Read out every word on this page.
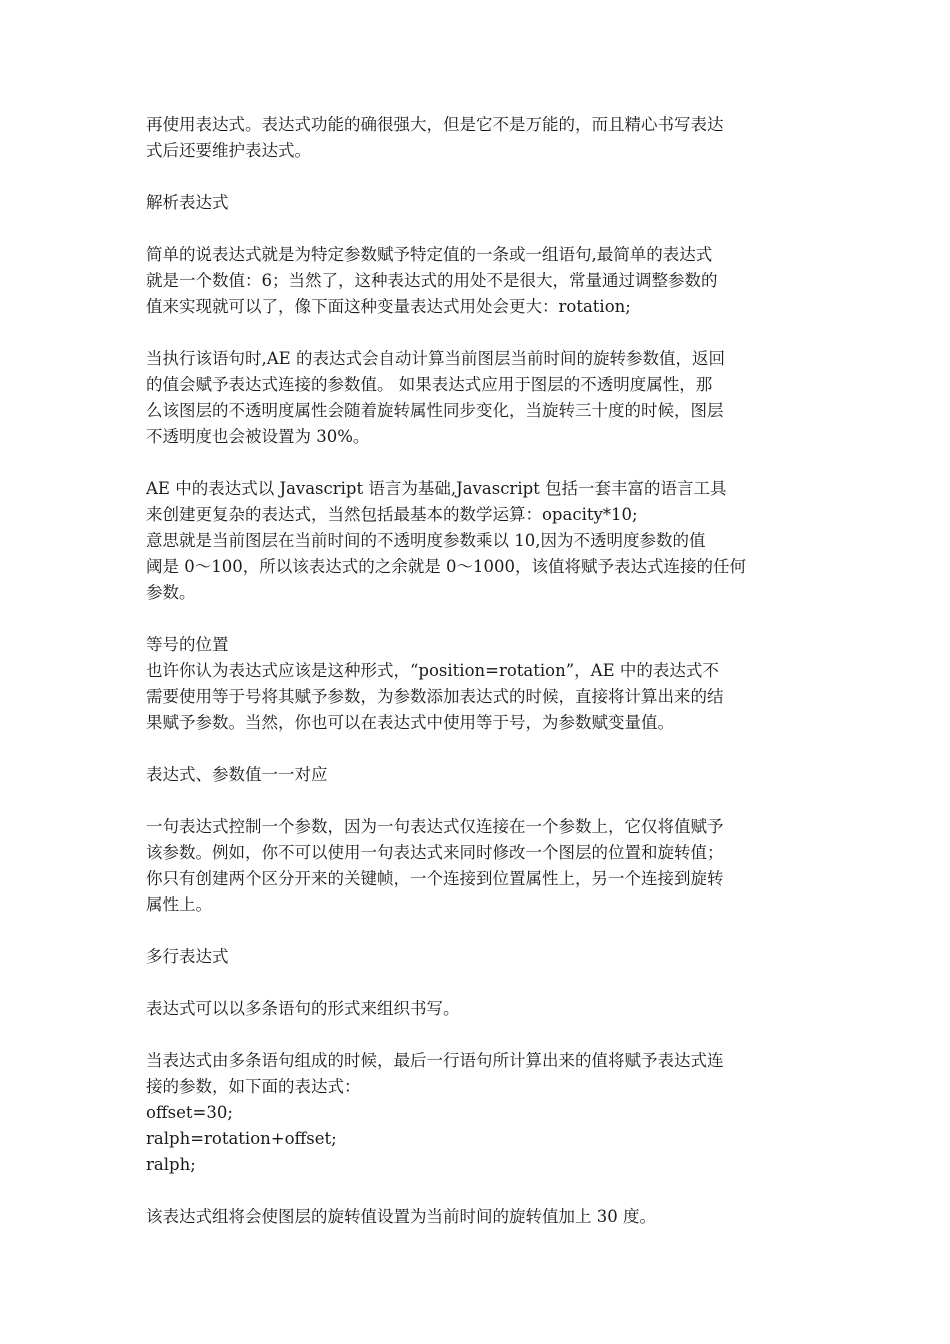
再使用表达式。表达式功能的确很强大，但是它不是万能的，而且精心书写表达
式后还要维护表达式。
解析表达式
简单的说表达式就是为特定参数赋予特定值的一条或一组语句,最简单的表达式
就是一个数值：6；当然了，这种表达式的用处不是很大，常量通过调整参数的
值来实现就可以了，像下面这种变量表达式用处会更大：rotation;
当执行该语句时,AE 的表达式会自动计算当前图层当前时间的旋转参数值，返回
的值会赋予表达式连接的参数值。 如果表达式应用于图层的不透明度属性，那
么该图层的不透明度属性会随着旋转属性同步变化，当旋转三十度的时候，图层
不透明度也会被设置为 30%。
AE 中的表达式以 Javascript 语言为基础,Javascript 包括一套丰富的语言工具
来创建更复杂的表达式，当然包括最基本的数学运算：opacity*10;
意思就是当前图层在当前时间的不透明度参数乘以 10,因为不透明度参数的值
阈是 0～100，所以该表达式的之余就是 0～1000，该值将赋予表达式连接的任何
参数。
等号的位置
也许你认为表达式应该是这种形式，“position=rotation”，AE 中的表达式不
需要使用等于号将其赋予参数，为参数添加表达式的时候，直接将计算出来的结
果赋予参数。当然，你也可以在表达式中使用等于号，为参数赋变量值。
表达式、参数值一一对应
一句表达式控制一个参数，因为一句表达式仅连接在一个参数上，它仅将值赋予
该参数。例如，你不可以使用一句表达式来同时修改一个图层的位置和旋转值；
你只有创建两个区分开来的关键帧，一个连接到位置属性上，另一个连接到旋转
属性上。
多行表达式
表达式可以以多条语句的形式来组织书写。
当表达式由多条语句组成的时候，最后一行语句所计算出来的值将赋予表达式连
接的参数，如下面的表达式：
offset=30;
ralph=rotation+offset;
ralph;
该表达式组将会使图层的旋转值设置为当前时间的旋转值加上 30 度。
